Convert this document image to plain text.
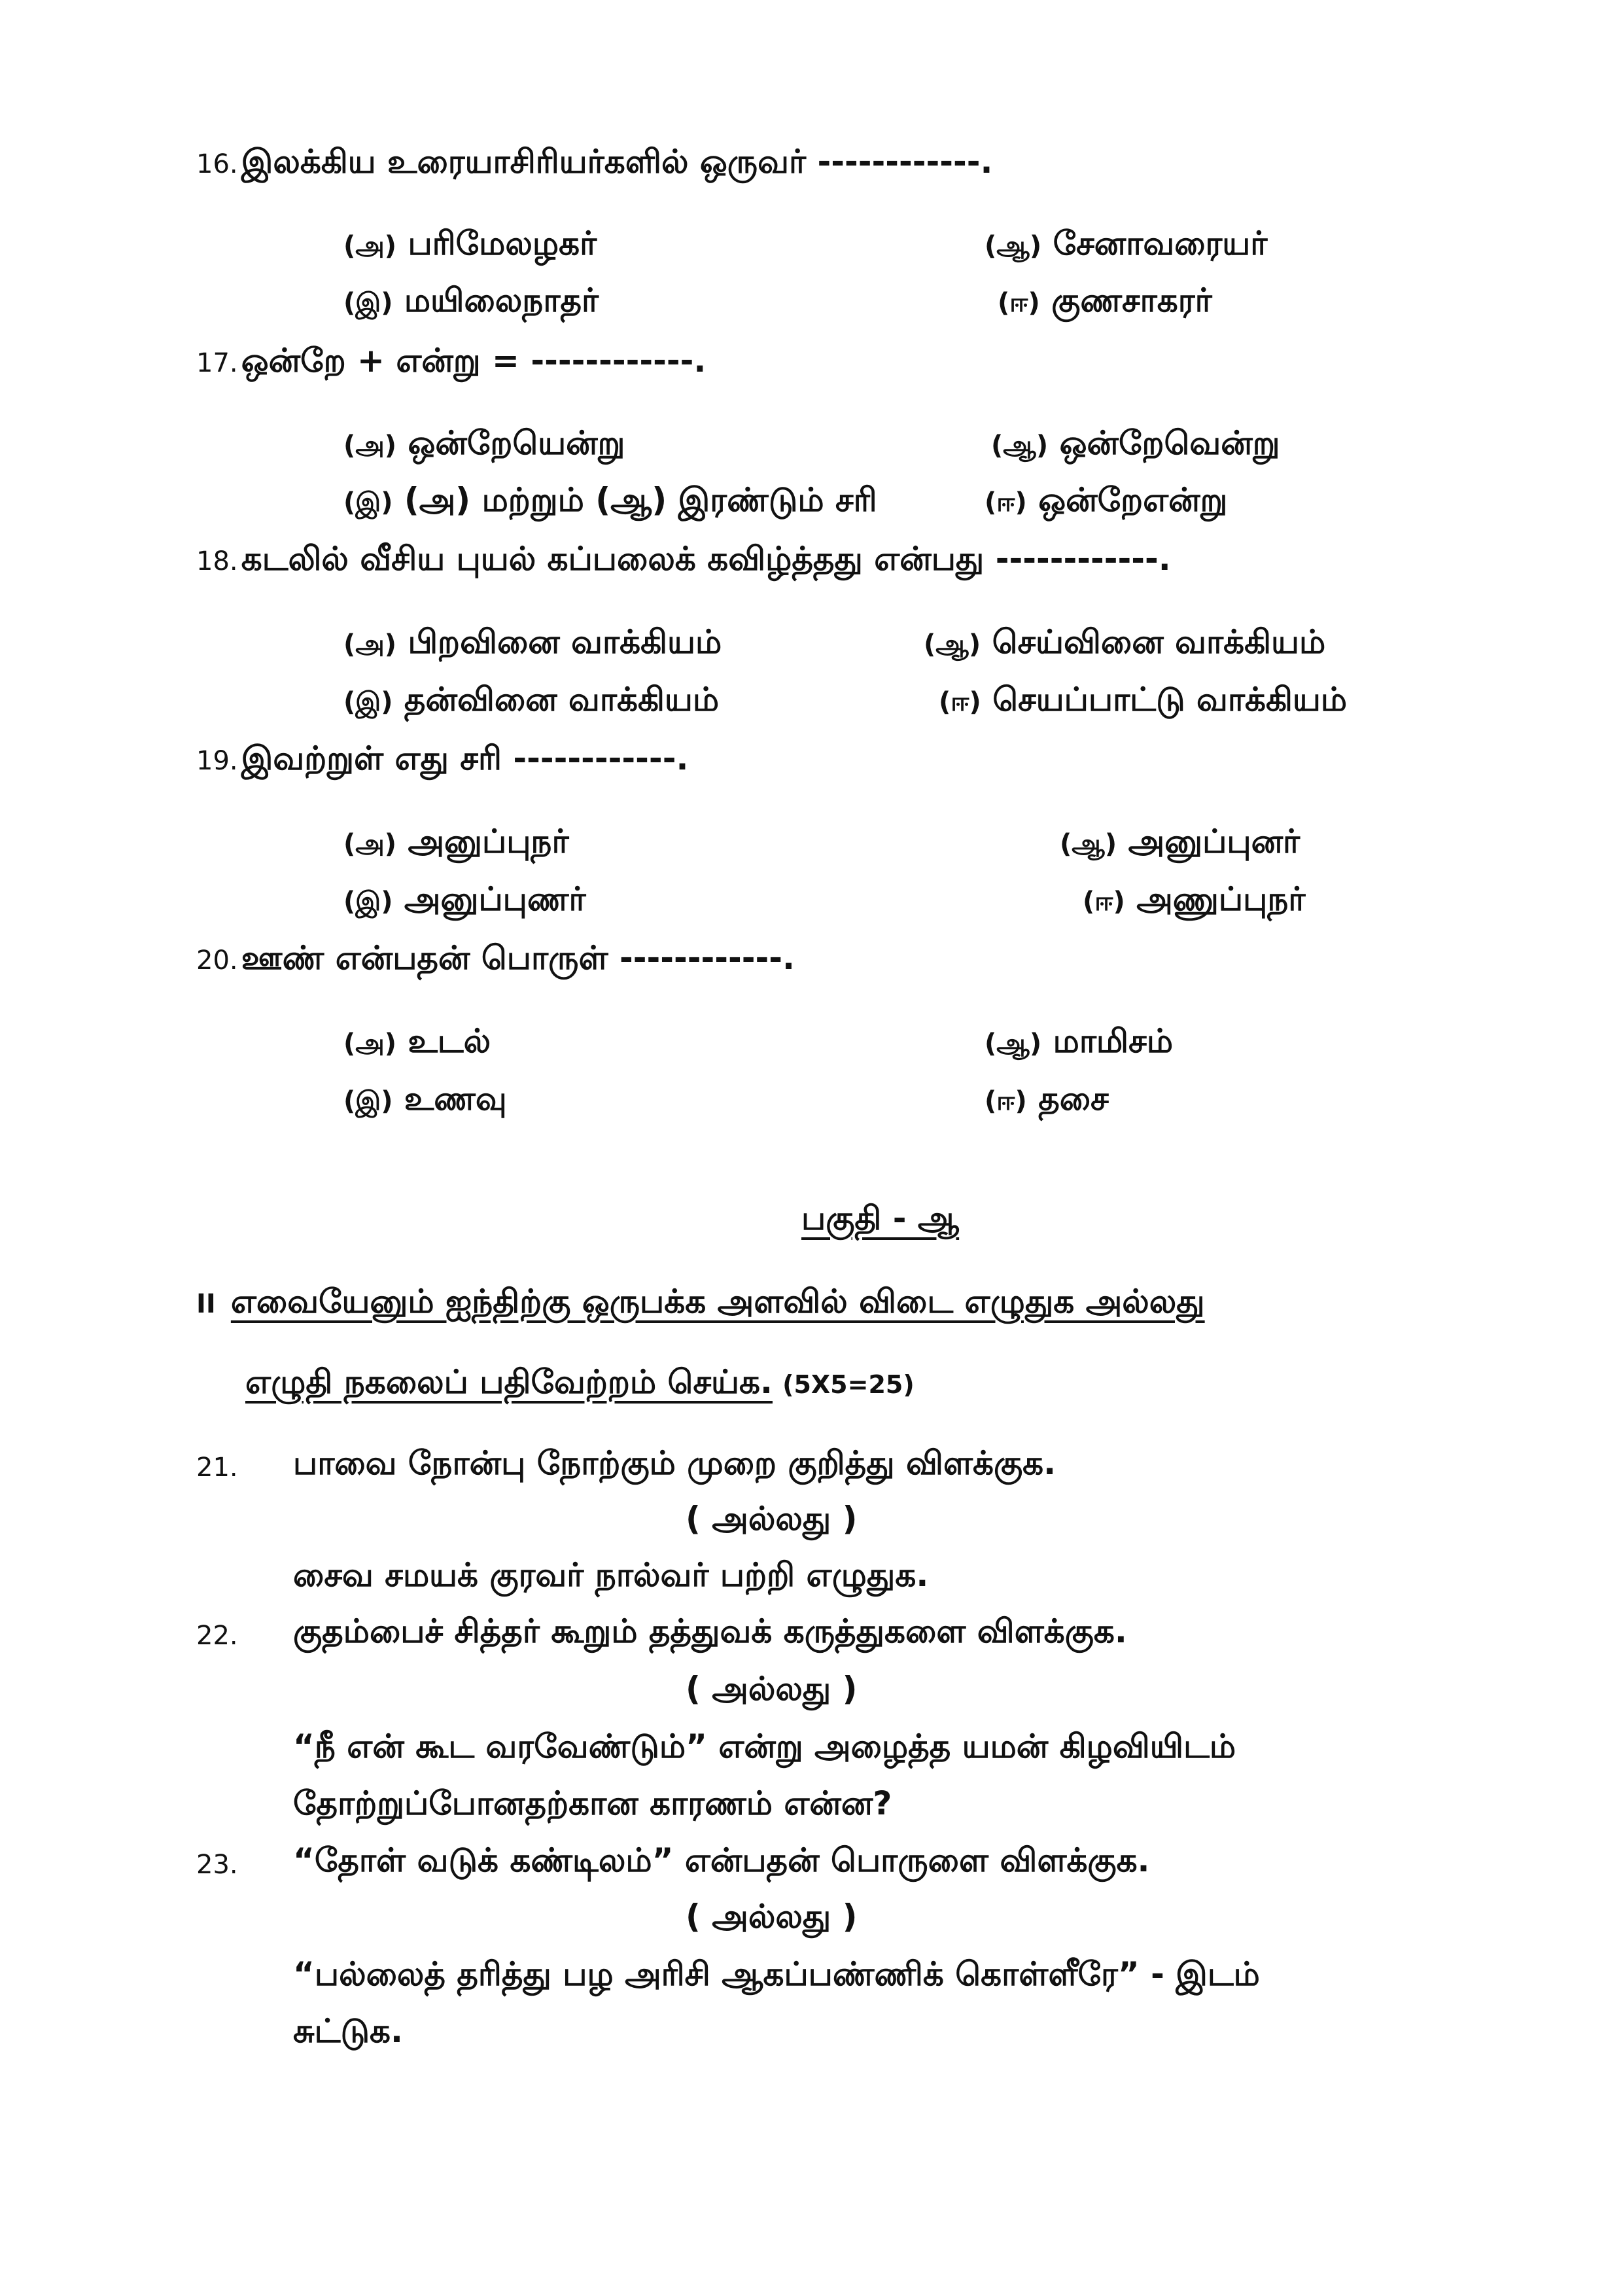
16. இலக்கிய உரையாசிரியர்களில் ஒருவர் ------------.
(அ) பரிமேலழகர்	(ஆ) சேனாவரையர்
(இ) மயிலைநாதர்	(ஈ) குணசாகரர்
17. ஒன்றே + என்று = ------------.
(அ) ஒன்றேயென்று	(ஆ) ஒன்றேவென்று
(இ) (அ) மற்றும் (ஆ) இரண்டும் சரி	(ஈ) ஒன்றேஎன்று
18. கடலில் வீசிய புயல் கப்பலைக் கவிழ்த்தது என்பது ------------.
(அ) பிறவினை வாக்கியம்	(ஆ) செய்வினை வாக்கியம்
(இ) தன்வினை வாக்கியம்	(ஈ) செயப்பாட்டு வாக்கியம்
19. இவற்றுள் எது சரி ------------.
(அ) அனுப்புநர்	(ஆ) அனுப்புனர்
(இ) அனுப்புணர்	(ஈ) அணுப்புநர்
20. ஊண் என்பதன் பொருள் ------------.
(அ) உடல்	(ஆ) மாமிசம்
(இ) உணவு	(ஈ) தசை
பகுதி - ஆ
II எவையேனும் ஐந்திற்கு ஒருபக்க அளவில் விடை எழுதுக அல்லது
எழுதி நகலைப் பதிவேற்றம் செய்க. (5X5=25)
21. பாவை நோன்பு நோற்கும் முறை குறித்து விளக்குக.
( அல்லது )
சைவ சமயக் குரவர் நால்வர் பற்றி எழுதுக.
22. குதம்பைச் சித்தர் கூறும் தத்துவக் கருத்துகளை விளக்குக.
( அல்லது )
“நீ என் கூட வரவேண்டும்” என்று அழைத்த யமன் கிழவியிடம்
தோற்றுப்போனதற்கான காரணம் என்ன?
23. “தோள் வடுக் கண்டிலம்” என்பதன் பொருளை விளக்குக.
( அல்லது )
“பல்லைத் தரித்து பழ அரிசி ஆகப்பண்ணிக் கொள்ளீரே” - இடம்
சுட்டுக.
